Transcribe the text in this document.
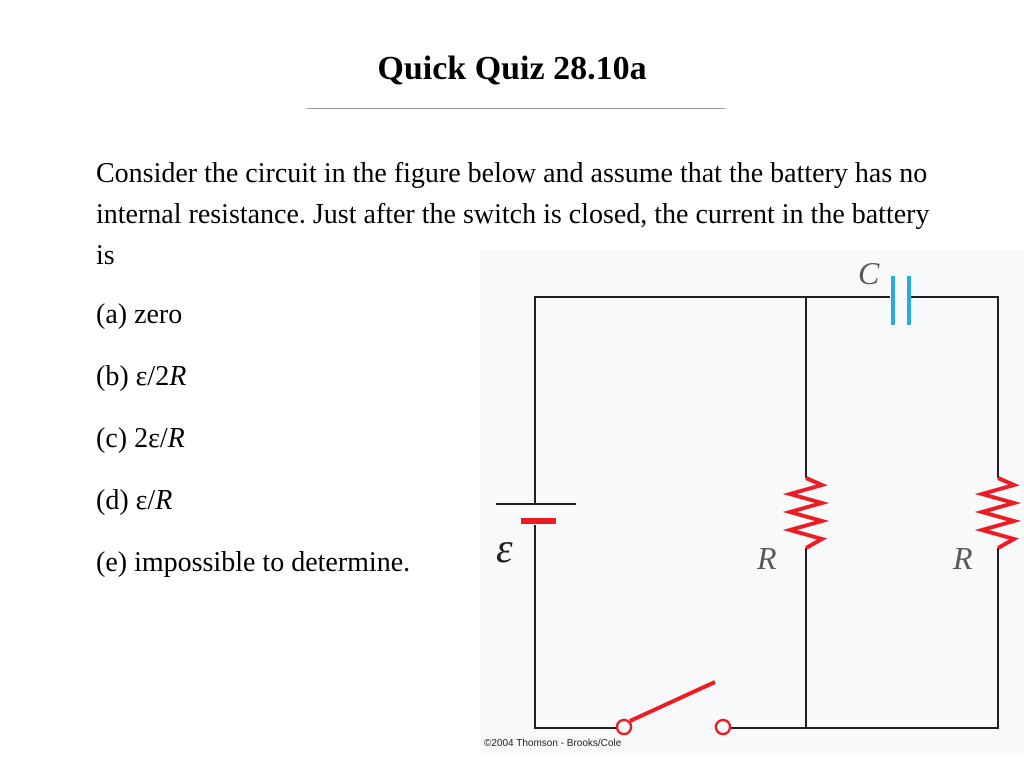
Quick Quiz 28.10a
Consider the circuit in the figure below and assume that the battery has no internal resistance. Just after the switch is closed, the current in the battery is
(a) zero
(b) ε/2R
(c) 2ε/R
(d) ε/R
C
ε	R	R
(e) impossible to determine.
©2004 Thomson - Brooks/Cole
